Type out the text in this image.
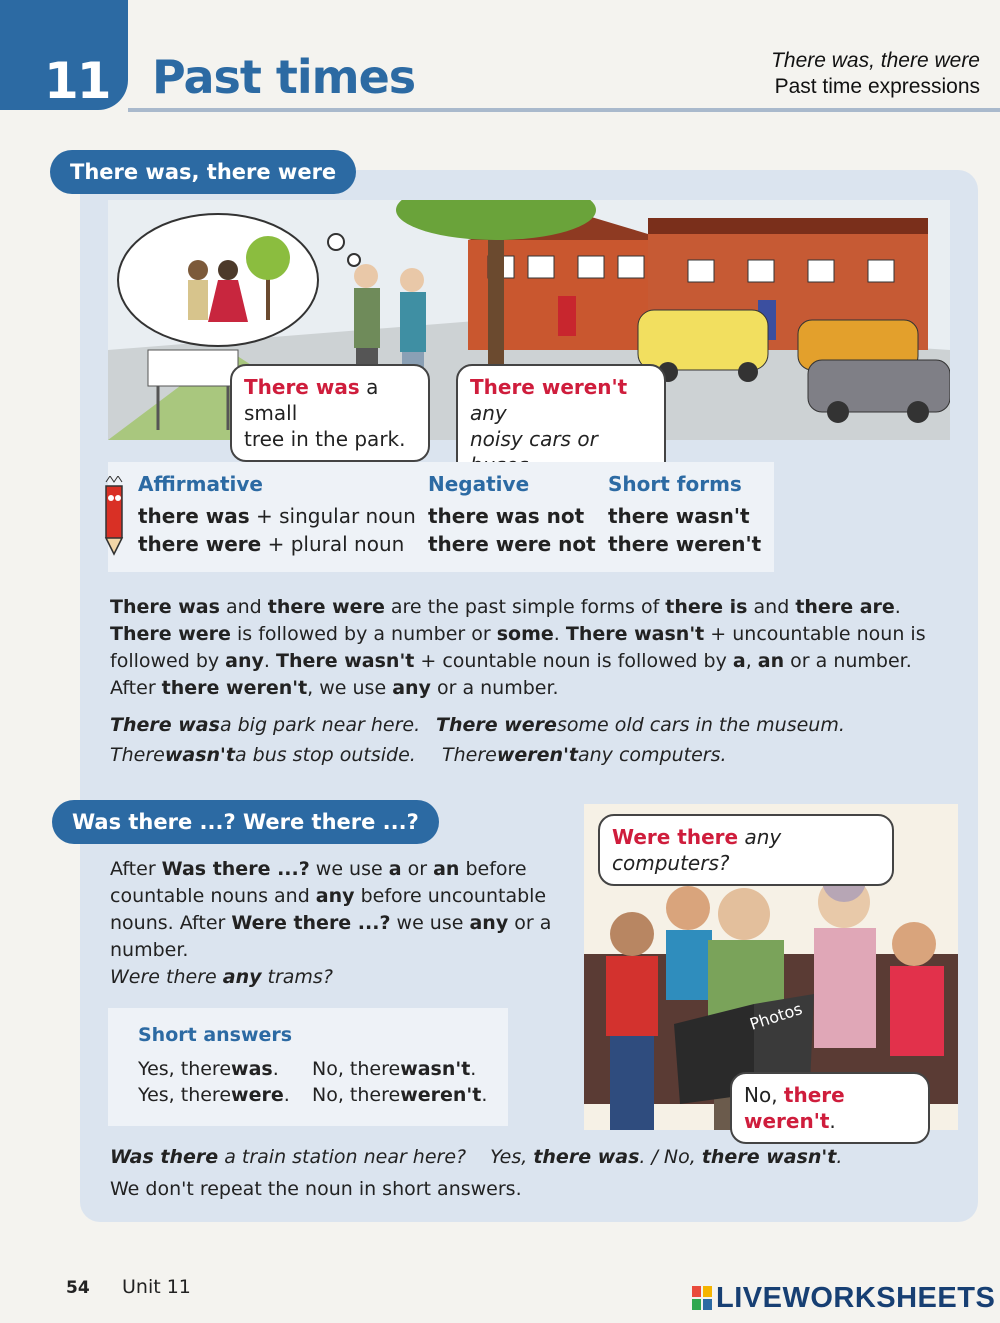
11 Past times	There was, there were
Past time expressions
There was, there were
There was a small
tree in the park.
There weren't any
noisy cars or
Affirmative
there was + singular noun
there were + plural noun
Negative
there was not
there were not
Short forms
there wasn't
there weren't
There was and there were are the past simple forms of there is and there are.
There were is followed by a number or some. There wasn't + uncountable noun is
followed by any. There wasn't + countable noun is followed by a, an or a number.
After there weren't, we use any or a number.
There wasa big park near here. There weresome old cars in the museum.
Therewasn'ta bus stop outside. Thereweren'tany computers.
Was there ...? Were there ...?
After Was there ...? we use a or an before
countable nouns and any before uncountable
nouns. After Were there ...? we use any or a
number.
Were there any trams?
Short answers
Yes, therewas. No, therewasn't.
Yes, therewere. No, thereweren't.
Photos
Were there any computers?
No, there weren't.
Was there a train station near here? Yes, there was. / No, there wasn't.
We don't repeat the noun in short answers.
54 Unit 11	LIVEWORKSHEETS
